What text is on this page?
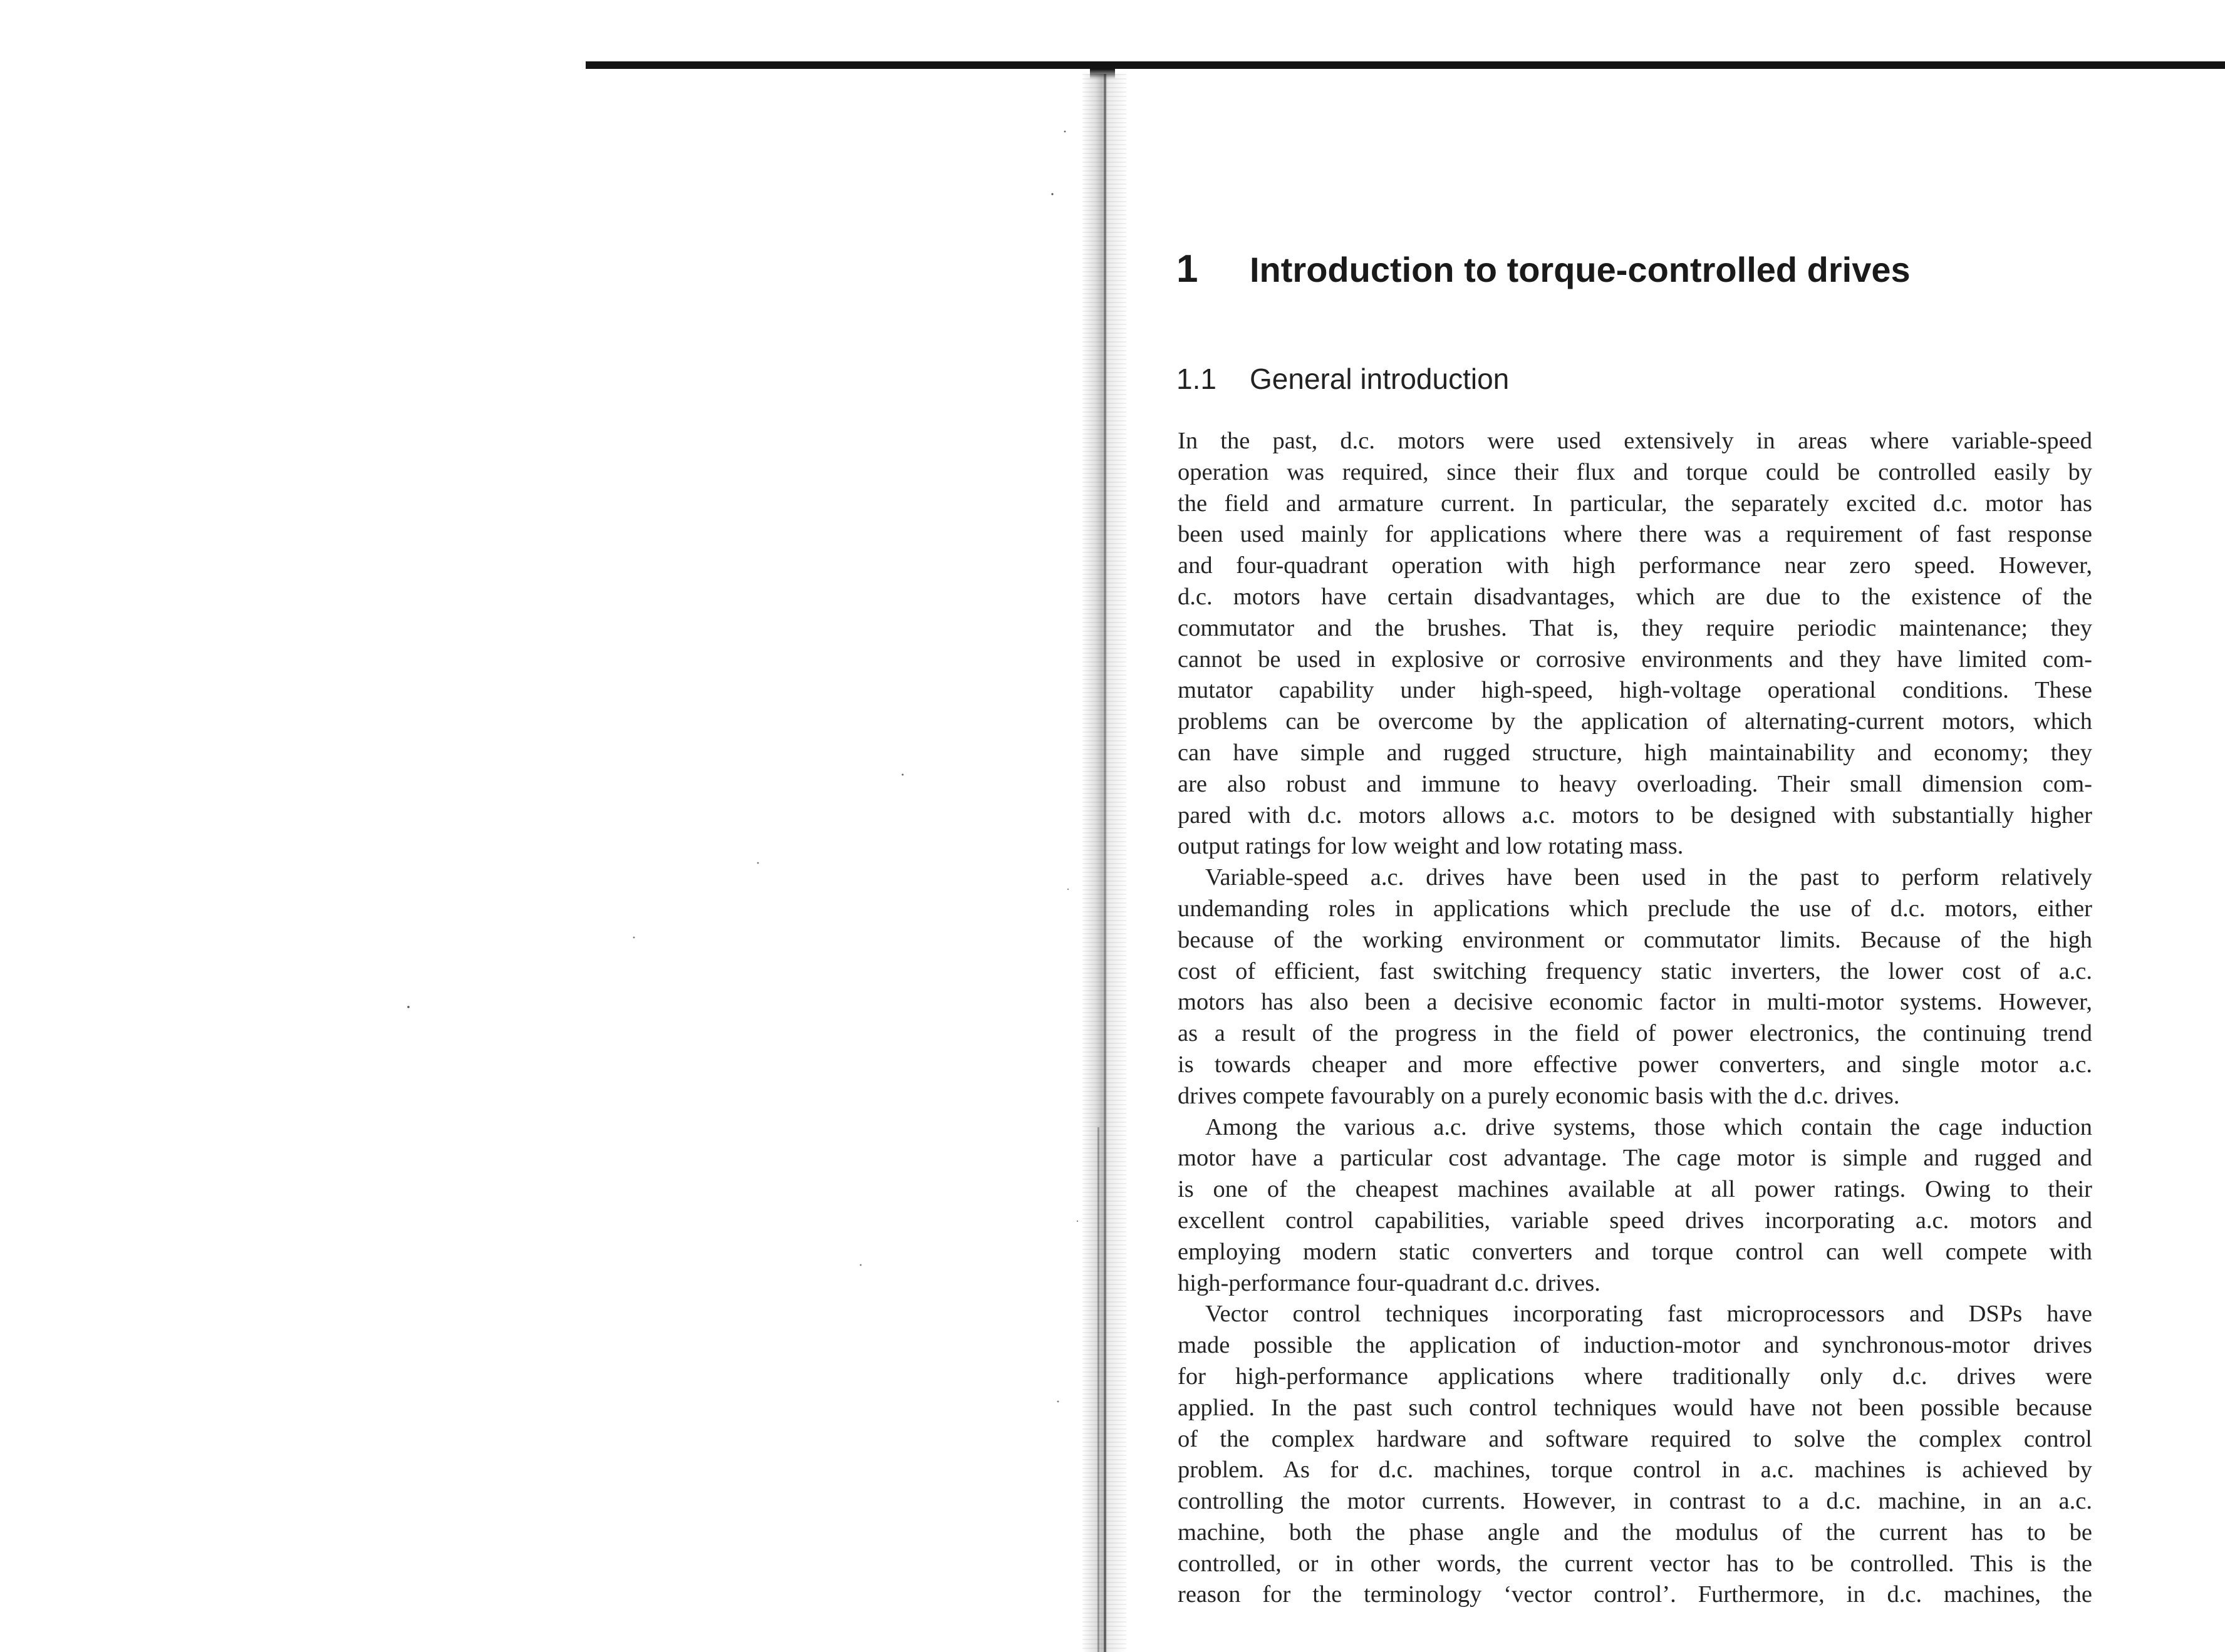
1 Introduction to torque-controlled drives
1.1 General introduction
In the past, d.c. motors were used extensively in areas where variable-speed
operation was required, since their flux and torque could be controlled easily by
the field and armature current. In particular, the separately excited d.c. motor has
been used mainly for applications where there was a requirement of fast response
and four-quadrant operation with high performance near zero speed. However,
d.c. motors have certain disadvantages, which are due to the existence of the
commutator and the brushes. That is, they require periodic maintenance; they
cannot be used in explosive or corrosive environments and they have limited com-
mutator capability under high-speed, high-voltage operational conditions. These
problems can be overcome by the application of alternating-current motors, which
can have simple and rugged structure, high maintainability and economy; they
are also robust and immune to heavy overloading. Their small dimension com-
pared with d.c. motors allows a.c. motors to be designed with substantially higher
output ratings for low weight and low rotating mass.
Variable-speed a.c. drives have been used in the past to perform relatively
undemanding roles in applications which preclude the use of d.c. motors, either
because of the working environment or commutator limits. Because of the high
cost of efficient, fast switching frequency static inverters, the lower cost of a.c.
motors has also been a decisive economic factor in multi-motor systems. However,
as a result of the progress in the field of power electronics, the continuing trend
is towards cheaper and more effective power converters, and single motor a.c.
drives compete favourably on a purely economic basis with the d.c. drives.
Among the various a.c. drive systems, those which contain the cage induction
motor have a particular cost advantage. The cage motor is simple and rugged and
is one of the cheapest machines available at all power ratings. Owing to their
excellent control capabilities, variable speed drives incorporating a.c. motors and
employing modern static converters and torque control can well compete with
high-performance four-quadrant d.c. drives.
Vector control techniques incorporating fast microprocessors and DSPs have
made possible the application of induction-motor and synchronous-motor drives
for high-performance applications where traditionally only d.c. drives were
applied. In the past such control techniques would have not been possible because
of the complex hardware and software required to solve the complex control
problem. As for d.c. machines, torque control in a.c. machines is achieved by
controlling the motor currents. However, in contrast to a d.c. machine, in an a.c.
machine, both the phase angle and the modulus of the current has to be
controlled, or in other words, the current vector has to be controlled. This is the
reason for the terminology ‘vector control’. Furthermore, in d.c. machines, the
